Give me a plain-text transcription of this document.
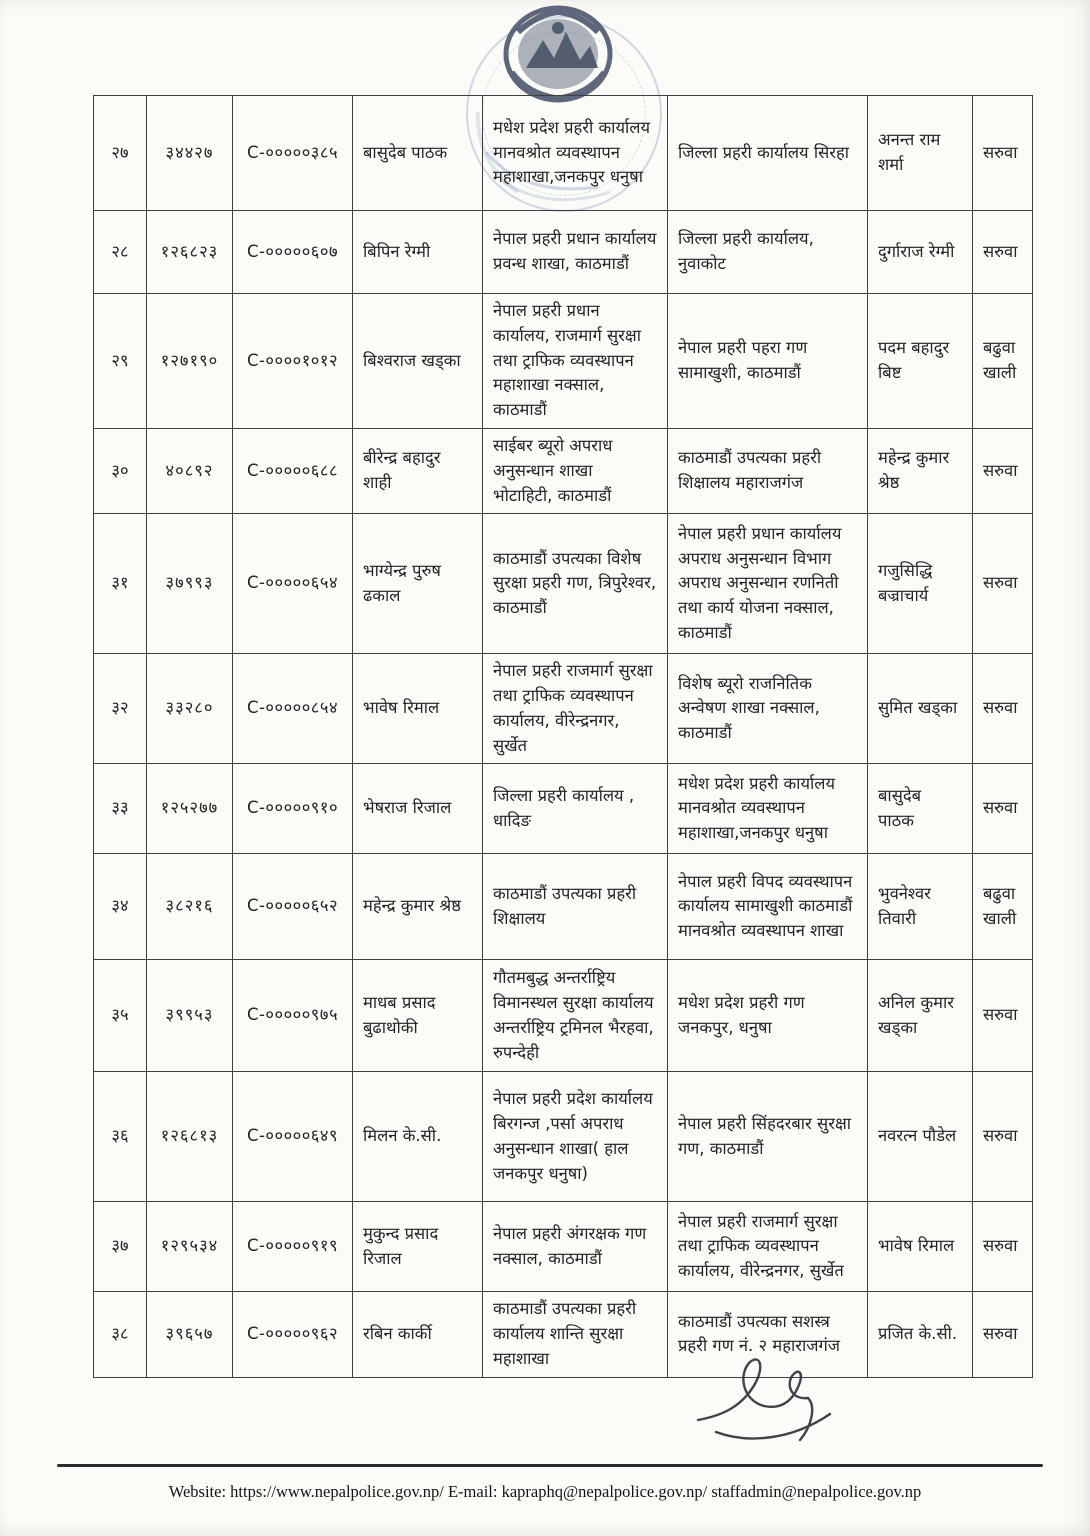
२७	३४४२७	C-०००००३८५	बासुदेब पाठक	मधेश प्रदेश प्रहरी कार्यालय मानवश्रोत व्यवस्थापन महाशाखा,जनकपुर धनुषा	जिल्ला प्रहरी कार्यालय सिरहा	अनन्त राम शर्मा	सरुवा
२८	१२६८२३	C-०००००६०७	बिपिन रेग्मी	नेपाल प्रहरी प्रधान कार्यालय प्रवन्ध शाखा, काठमाडौं	जिल्ला प्रहरी कार्यालय, नुवाकोट	दुर्गाराज रेग्मी	सरुवा
२९	१२७१९०	C-००००१०१२	बिश्वराज खड्का	नेपाल प्रहरी प्रधान कार्यालय, राजमार्ग सुरक्षा तथा ट्राफिक व्यवस्थापन महाशाखा नक्साल, काठमाडौं	नेपाल प्रहरी पहरा गण सामाखुशी, काठमाडौं	पदम बहादुर बिष्ट	बढुवा खाली
३०	४०८९२	C-०००००६८८	बीरेन्द्र बहादुर शाही	साईबर ब्यूरो अपराध अनुसन्धान शाखा भोटाहिटी, काठमाडौं	काठमाडौं उपत्यका प्रहरी शिक्षालय महाराजगंज	महेन्द्र कुमार श्रेष्ठ	सरुवा
३१	३७९९३	C-०००००६५४	भाग्येन्द्र पुरुष ढकाल	काठमाडौं उपत्यका विशेष सुरक्षा प्रहरी गण, त्रिपुरेश्वर, काठमाडौं	नेपाल प्रहरी प्रधान कार्यालय अपराध अनुसन्धान विभाग अपराध अनुसन्धान रणनिती तथा कार्य योजना नक्साल, काठमाडौं	गजुसिद्धि बज्राचार्य	सरुवा
३२	३३२८०	C-०००००८५४	भावेष रिमाल	नेपाल प्रहरी राजमार्ग सुरक्षा तथा ट्राफिक व्यवस्थापन कार्यालय, वीरेन्द्रनगर, सुर्खेत	विशेष ब्यूरो राजनितिक अन्वेषण शाखा नक्साल, काठमाडौं	सुमित खड्का	सरुवा
३३	१२५२७७	C-०००००९१०	भेषराज रिजाल	जिल्ला प्रहरी कार्यालय , धादिङ	मधेश प्रदेश प्रहरी कार्यालय मानवश्रोत व्यवस्थापन महाशाखा,जनकपुर धनुषा	बासुदेब पाठक	सरुवा
३४	३८२१६	C-०००००६५२	महेन्द्र कुमार श्रेष्ठ	काठमाडौं उपत्यका प्रहरी शिक्षालय	नेपाल प्रहरी विपद व्यवस्थापन कार्यालय सामाखुशी काठमाडौं मानवश्रोत व्यवस्थापन शाखा	भुवनेश्वर तिवारी	बढुवा खाली
३५	३९९५३	C-०००००९७५	माधब प्रसाद बुढाथोकी	गौतमबुद्ध अन्तर्राष्ट्रिय विमानस्थल सुरक्षा कार्यालय अन्तर्राष्ट्रिय ट्रमिनल भैरहवा, रुपन्देही	मधेश प्रदेश प्रहरी गण जनकपुर, धनुषा	अनिल कुमार खड्का	सरुवा
३६	१२६८१३	C-०००००६४९	मिलन के.सी.	नेपाल प्रहरी प्रदेश कार्यालय बिरगन्ज ,पर्सा अपराध अनुसन्धान शाखा( हाल जनकपुर धनुषा)	नेपाल प्रहरी सिंहदरबार सुरक्षा गण, काठमाडौं	नवरत्न पौडेल	सरुवा
३७	१२९५३४	C-०००००९१९	मुकुन्द प्रसाद रिजाल	नेपाल प्रहरी अंगरक्षक गण नक्साल, काठमाडौं	नेपाल प्रहरी राजमार्ग सुरक्षा तथा ट्राफिक व्यवस्थापन कार्यालय, वीरेन्द्रनगर, सुर्खेत	भावेष रिमाल	सरुवा
३८	३९६५७	C-०००००९६२	रबिन कार्की	काठमाडौं उपत्यका प्रहरी कार्यालय शान्ति सुरक्षा महाशाखा	काठमाडौं उपत्यका सशस्त्र प्रहरी गण नं. २ महाराजगंज	प्रजित के.सी.	सरुवा
Website: https://www.nepalpolice.gov.np/ E-mail: kapraphq@nepalpolice.gov.np/ staffadmin@nepalpolice.gov.np
